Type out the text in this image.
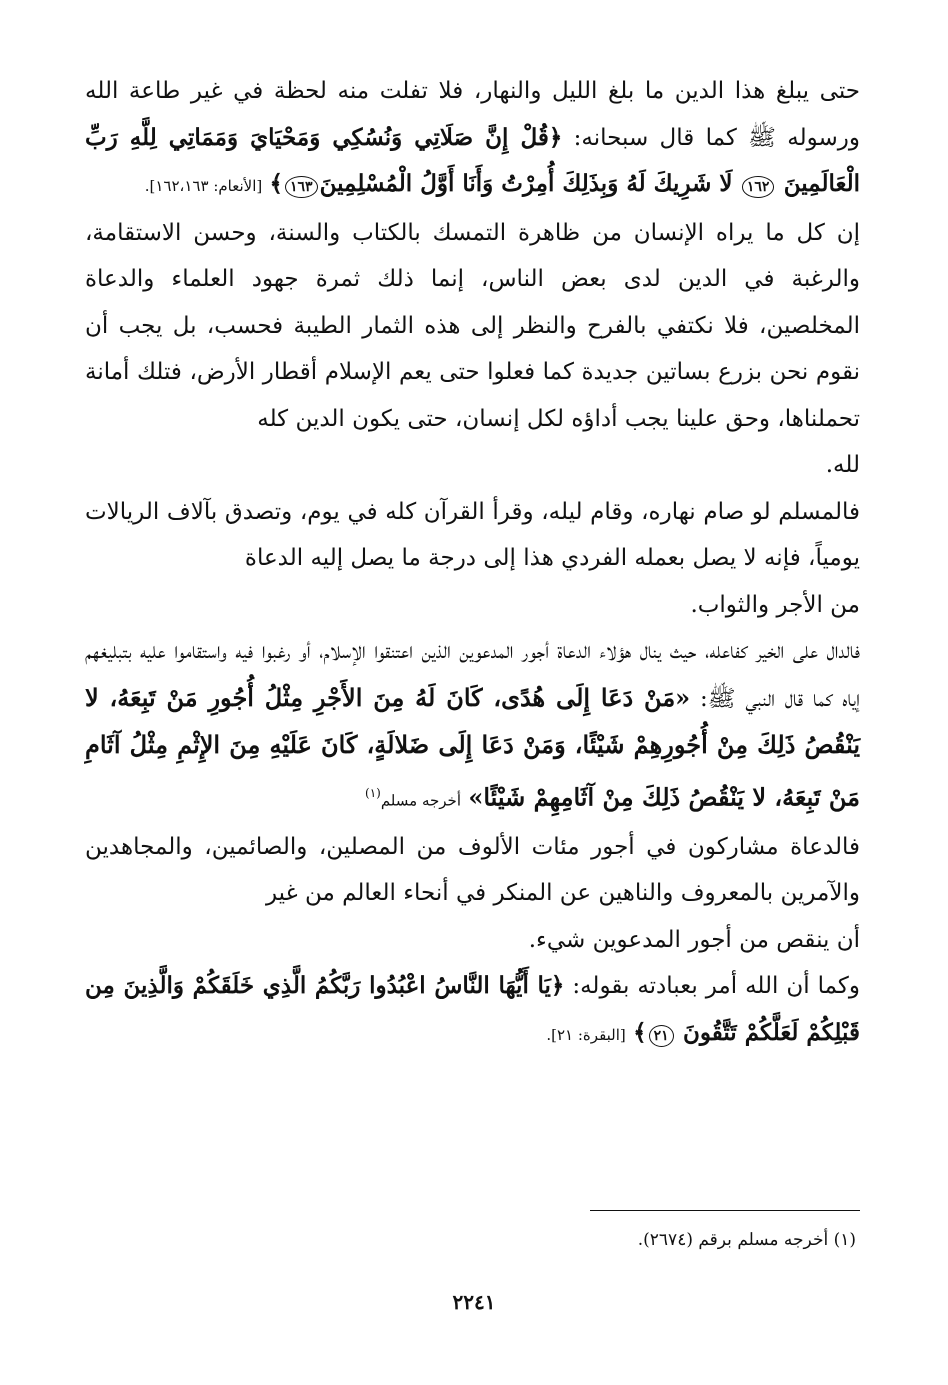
حتى يبلغ هذا الدين ما بلغ الليل والنهار، فلا تفلت منه لحظة في غير طاعة الله ورسوله ﷺ كما قال سبحانه: ﴿قُلْ إِنَّ صَلَاتِي وَنُسُكِي وَمَحْيَايَ وَمَمَاتِي لِلَّهِ رَبِّ الْعَالَمِينَ ١٦٢ لَا شَرِيكَ لَهُ وَبِذَلِكَ أُمِرْتُ وَأَنَا أَوَّلُ الْمُسْلِمِينَ١٦٣﴾ [الأنعام: ١٦٢،١٦٣].

إن كل ما يراه الإنسان من ظاهرة التمسك بالكتاب والسنة، وحسن الاستقامة، والرغبة في الدين لدى بعض الناس، إنما ذلك ثمرة جهود العلماء والدعاة المخلصين، فلا نكتفي بالفرح والنظر إلى هذه الثمار الطيبة فحسب، بل يجب أن نقوم نحن بزرع بساتين جديدة كما فعلوا حتى يعم الإسلام أقطار الأرض، فتلك أمانة تحملناها، وحق علينا يجب أداؤه لكل إنسان، حتى يكون الدين كله

لله.

فالمسلم لو صام نهاره، وقام ليله، وقرأ القرآن كله في يوم، وتصدق بآلاف الريالات يومياً، فإنه لا يصل بعمله الفردي هذا إلى درجة ما يصل إليه الدعاة

من الأجر والثواب.

فالدال على الخير كفاعله، حيث ينال هؤلاء الدعاة أجور المدعوين الذين اعتنقوا الإسلام، أو رغبوا فيه واستقاموا عليه بتبليغهم إياه كما قال النبي ﷺ: «مَنْ دَعَا إِلَى هُدًى، كَانَ لَهُ مِنَ الأَجْرِ مِثْلُ أُجُورِ مَنْ تَبِعَهُ، لا يَنْقُصُ ذَلِكَ مِنْ أُجُورِهِمْ شَيْئًا، وَمَنْ دَعَا إِلَى ضَلالَةٍ، كَانَ عَلَيْهِ مِنَ الإِثْمِ مِثْلُ آثَامِ مَنْ تَبِعَهُ، لا يَنْقُصُ ذَلِكَ مِنْ آثَامِهِمْ شَيْئًا» أخرجه مسلم$^{(١)}$

فالدعاة مشاركون في أجور مئات الألوف من المصلين، والصائمين، والمجاهدين والآمرين بالمعروف والناهين عن المنكر في أنحاء العالم من غير

أن ينقص من أجور المدعوين شيء.

وكما أن الله أمر بعبادته بقوله: ﴿يَا أَيُّهَا النَّاسُ اعْبُدُوا رَبَّكُمُ الَّذِي خَلَقَكُمْ وَالَّذِينَ مِن قَبْلِكُمْ لَعَلَّكُمْ تَتَّقُونَ ٢١﴾ [البقرة: ٢١].

(١) أخرجه مسلم برقم (٢٦٧٤).
٢٢٤١
